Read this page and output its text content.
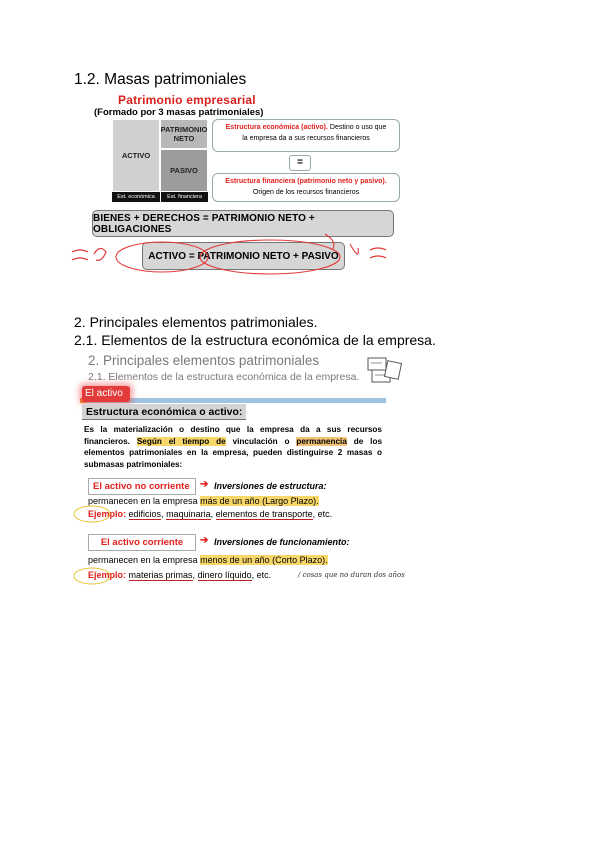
1.2. Masas patrimoniales
Patrimonio empresarial
(Formado por 3 masas patrimoniales)
ACTIVO
PATRIMONIO NETO
PASIVO
Est. económica	Est. financiera
Estructura económica (activo). Destino o uso que
la empresa da a sus recursos financieros
=
Estructura financiera (patrimonio neto y pasivo).
Origen de los recursos financieros
BIENES + DERECHOS = PATRIMONIO NETO + OBLIGACIONES
ACTIVO = PATRIMONIO NETO + PASIVO
2. Principales elementos patrimoniales.
2.1. Elementos de la estructura económica de la empresa.
2. Principales elementos patrimoniales
2.1. Elementos de la estructura económica de la empresa.
El activo
Estructura económica o activo:
Es la materialización o destino que la empresa da a sus recursos financieros. Según el tiempo de vinculación o permanencia de los elementos patrimoniales en la empresa, pueden distinguirse 2 masas o submasas patrimoniales:
El activo no corriente	➔ Inversiones de estructura:
permanecen en la empresa más de un año (Largo Plazo).
Ejemplo: edificios, maquinaria, elementos de transporte, etc.
El activo corriente	➔ Inversiones de funcionamiento:
permanecen en la empresa menos de un año (Corto Plazo).
Ejemplo: materias primas, dinero líquido, etc.	/ cosas que no duran dos años
